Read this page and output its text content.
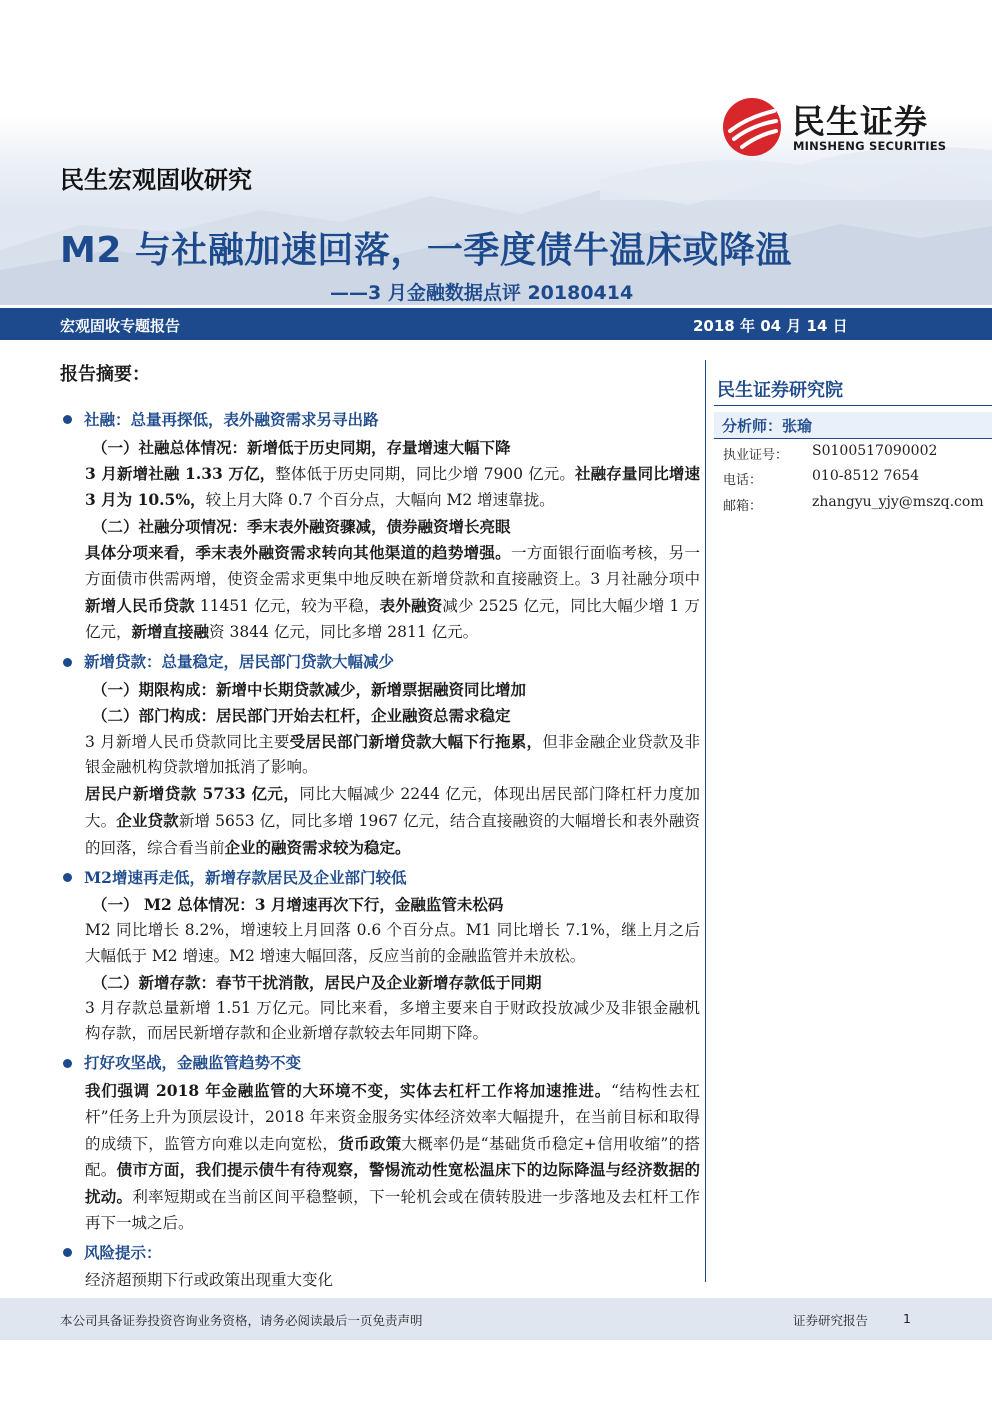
民生证券
MINSHENG SECURITIES
民生宏观固收研究
M2 与社融加速回落，一季度债牛温床或降温
——3 月金融数据点评 20180414
宏观固收专题报告	2018 年 04 月 14 日
报告摘要：
社融：总量再探低，表外融资需求另寻出路
（一）社融总体情况：新增低于历史同期，存量增速大幅下降
3 月新增社融 1.33 万亿，整体低于历史同期，同比少增 7900 亿元。社融存量同比增速 3 月为 10.5%，较上月大降 0.7 个百分点，大幅向 M2 增速靠拢。
（二）社融分项情况：季末表外融资骤减，债券融资增长亮眼
具体分项来看，季末表外融资需求转向其他渠道的趋势增强。一方面银行面临考核，另一方面债市供需两增，使资金需求更集中地反映在新增贷款和直接融资上。3 月社融分项中新增人民币贷款 11451 亿元，较为平稳，表外融资减少 2525 亿元，同比大幅少增 1 万亿元，新增直接融资 3844 亿元，同比多增 2811 亿元。
新增贷款：总量稳定，居民部门贷款大幅减少
（一）期限构成：新增中长期贷款减少，新增票据融资同比增加
（二）部门构成：居民部门开始去杠杆，企业融资总需求稳定
3 月新增人民币贷款同比主要受居民部门新增贷款大幅下行拖累，但非金融企业贷款及非银金融机构贷款增加抵消了影响。
居民户新增贷款 5733 亿元，同比大幅减少 2244 亿元，体现出居民部门降杠杆力度加大。企业贷款新增 5653 亿，同比多增 1967 亿元，结合直接融资的大幅增长和表外融资的回落，综合看当前企业的融资需求较为稳定。
M2增速再走低，新增存款居民及企业部门较低
（一） M2 总体情况：3 月增速再次下行，金融监管未松码
M2 同比增长 8.2%，增速较上月回落 0.6 个百分点。M1 同比增长 7.1%，继上月之后大幅低于 M2 增速。M2 增速大幅回落，反应当前的金融监管并未放松。
（二）新增存款：春节干扰消散，居民户及企业新增存款低于同期
3 月存款总量新增 1.51 万亿元。同比来看，多增主要来自于财政投放减少及非银金融机构存款，而居民新增存款和企业新增存款较去年同期下降。
打好攻坚战，金融监管趋势不变
我们强调 2018 年金融监管的大环境不变，实体去杠杆工作将加速推进。“结构性去杠杆”任务上升为顶层设计，2018 年来资金服务实体经济效率大幅提升，在当前目标和取得的成绩下，监管方向难以走向宽松，货币政策大概率仍是“基础货币稳定+信用收缩”的搭配。债市方面，我们提示债牛有待观察，警惕流动性宽松温床下的边际降温与经济数据的扰动。利率短期或在当前区间平稳整顿，下一轮机会或在债转股进一步落地及去杠杆工作再下一城之后。
风险提示：
经济超预期下行或政策出现重大变化
民生证券研究院
分析师：张瑜
执业证号： S0100517090002
电话：	010-8512 7654
邮箱：	zhangyu_yjy@mszq.com
本公司具备证券投资咨询业务资格，请务必阅读最后一页免责声明	证券研究报告	1
